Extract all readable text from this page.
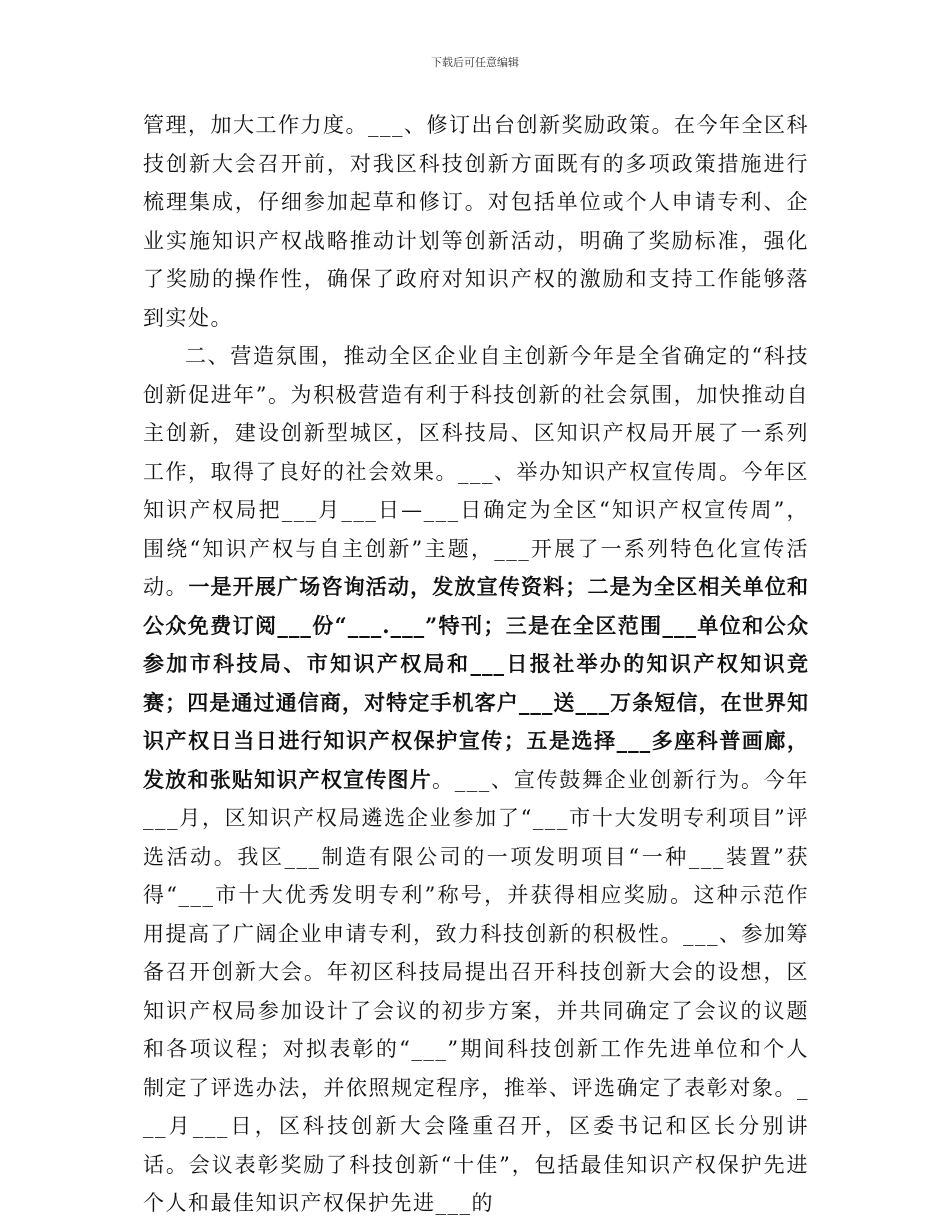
下载后可任意编辑

管理，加大工作力度。___、修订出台创新奖励政策。在今年全区科技创新大会召开前，对我区科技创新方面既有的多项政策措施进行梳理集成，仔细参加起草和修订。对包括单位或个人申请专利、企业实施知识产权战略推动计划等创新活动，明确了奖励标准，强化了奖励的操作性，确保了政府对知识产权的激励和支持工作能够落到实处。

二、营造氛围，推动全区企业自主创新今年是全省确定的“科技创新促进年”。为积极营造有利于科技创新的社会氛围，加快推动自主创新，建设创新型城区，区科技局、区知识产权局开展了一系列工作，取得了良好的社会效果。___、举办知识产权宣传周。今年区知识产权局把___月___日—___日确定为全区“知识产权宣传周”，围绕“知识产权与自主创新”主题，___开展了一系列特色化宣传活动。一是开展广场咨询活动，发放宣传资料；二是为全区相关单位和公众免费订阅___份“___.___”特刊；三是在全区范围___单位和公众参加市科技局、市知识产权局和___日报社举办的知识产权知识竞赛；四是通过通信商，对特定手机客户___送___万条短信，在世界知识产权日当日进行知识产权保护宣传；五是选择___多座科普画廊，发放和张贴知识产权宣传图片。___、宣传鼓舞企业创新行为。今年___月，区知识产权局遴选企业参加了“___市十大发明专利项目”评选活动。我区___制造有限公司的一项发明项目“一种___装置”获得“___市十大优秀发明专利”称号，并获得相应奖励。这种示范作用提高了广阔企业申请专利，致力科技创新的积极性。___、参加筹备召开创新大会。年初区科技局提出召开科技创新大会的设想，区知识产权局参加设计了会议的初步方案，并共同确定了会议的议题和各项议程；对拟表彰的“___”期间科技创新工作先进单位和个人制定了评选办法，并依照规定程序，推举、评选确定了表彰对象。___月___日，区科技创新大会隆重召开，区委书记和区长分别讲话。会议表彰奖励了科技创新“十佳”，包括最佳知识产权保护先进个人和最佳知识产权保护先进___的
